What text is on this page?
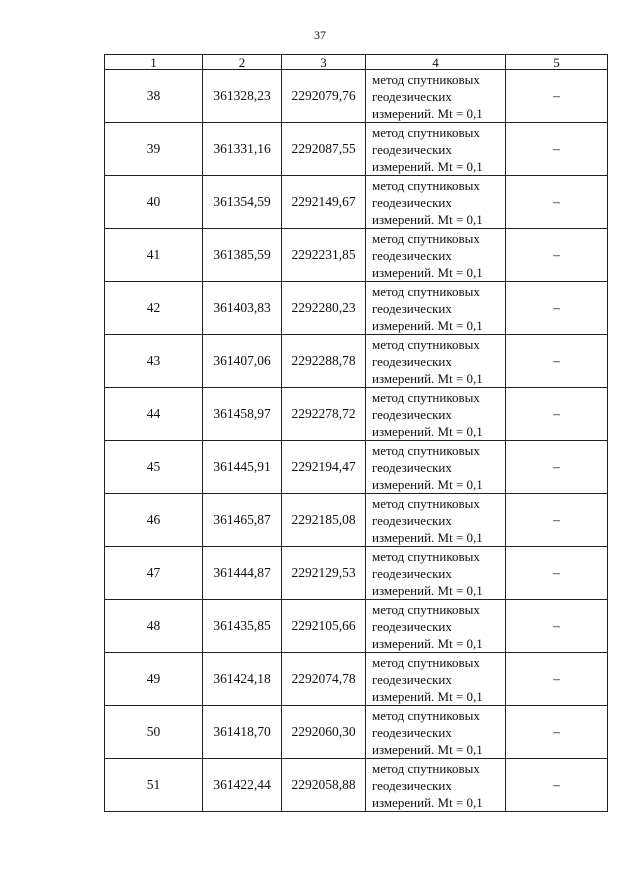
37
1	2	3	4	5
38	361328,23	2292079,76	метод спутниковых
геодезических
измерений. Mt = 0,1	–
39	361331,16	2292087,55	метод спутниковых
геодезических
измерений. Mt = 0,1	–
40	361354,59	2292149,67	метод спутниковых
геодезических
измерений. Mt = 0,1	–
41	361385,59	2292231,85	метод спутниковых
геодезических
измерений. Mt = 0,1	–
42	361403,83	2292280,23	метод спутниковых
геодезических
измерений. Mt = 0,1	–
43	361407,06	2292288,78	метод спутниковых
геодезических
измерений. Mt = 0,1	–
44	361458,97	2292278,72	метод спутниковых
геодезических
измерений. Mt = 0,1	–
45	361445,91	2292194,47	метод спутниковых
геодезических
измерений. Mt = 0,1	–
46	361465,87	2292185,08	метод спутниковых
геодезических
измерений. Mt = 0,1	–
47	361444,87	2292129,53	метод спутниковых
геодезических
измерений. Mt = 0,1	–
48	361435,85	2292105,66	метод спутниковых
геодезических
измерений. Mt = 0,1	–
49	361424,18	2292074,78	метод спутниковых
геодезических
измерений. Mt = 0,1	–
50	361418,70	2292060,30	метод спутниковых
геодезических
измерений. Mt = 0,1	–
51	361422,44	2292058,88	метод спутниковых
геодезических
измерений. Mt = 0,1	–
